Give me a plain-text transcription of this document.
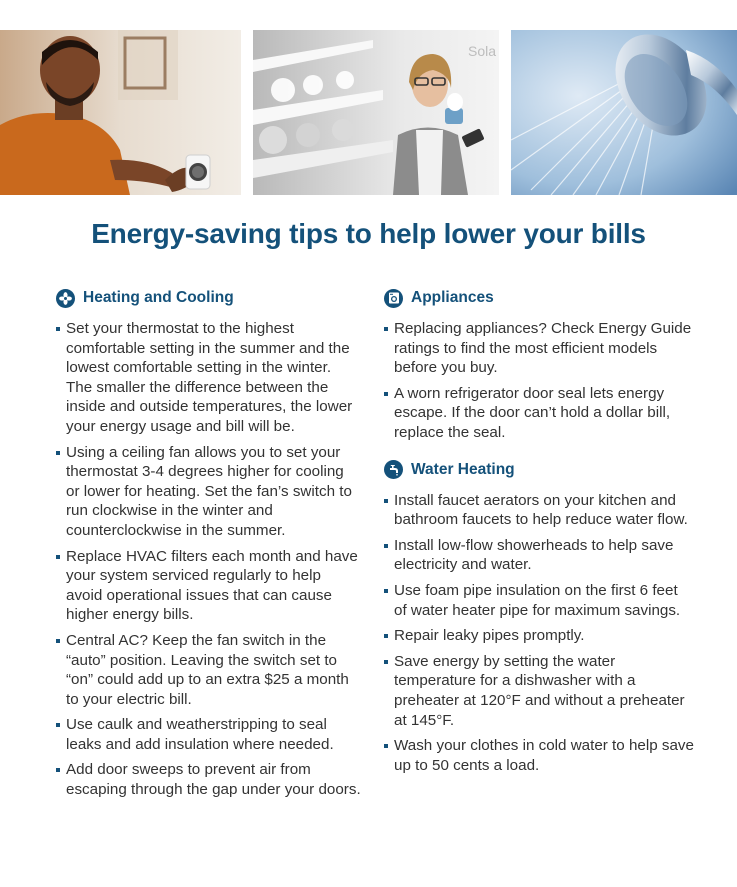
Sola
Energy-saving tips to help lower your bills
Heating and Cooling
Set your thermostat to the highest comfortable setting in the summer and the lowest comfortable setting in the winter. The smaller the difference between the inside and outside temperatures, the lower your energy usage and bill will be.
Using a ceiling fan allows you to set your thermostat 3-4 degrees higher for cooling or lower for heating. Set the fan’s switch to run clockwise in the winter and counterclockwise in the summer.
Replace HVAC filters each month and have your system serviced regularly to help avoid operational issues that can cause higher energy bills.
Central AC? Keep the fan switch in the “auto” position. Leaving the switch set to “on” could add up to an extra $25 a month to your electric bill.
Use caulk and weatherstripping to seal leaks and add insulation where needed.
Add door sweeps to prevent air from escaping through the gap under your doors.
Appliances
Replacing appliances? Check Energy Guide ratings to find the most efficient models before you buy.
A worn refrigerator door seal lets energy escape. If the door can’t hold a dollar bill, replace the seal.
Water Heating
Install faucet aerators on your kitchen and bathroom faucets to help reduce water flow.
Install low-flow showerheads to help save electricity and water.
Use foam pipe insulation on the first 6 feet of water heater pipe for maximum savings.
Repair leaky pipes promptly.
Save energy by setting the water temperature for a dishwasher with a preheater at 120°F and without a preheater at 145°F.
Wash your clothes in cold water to help save up to 50 cents a load.
